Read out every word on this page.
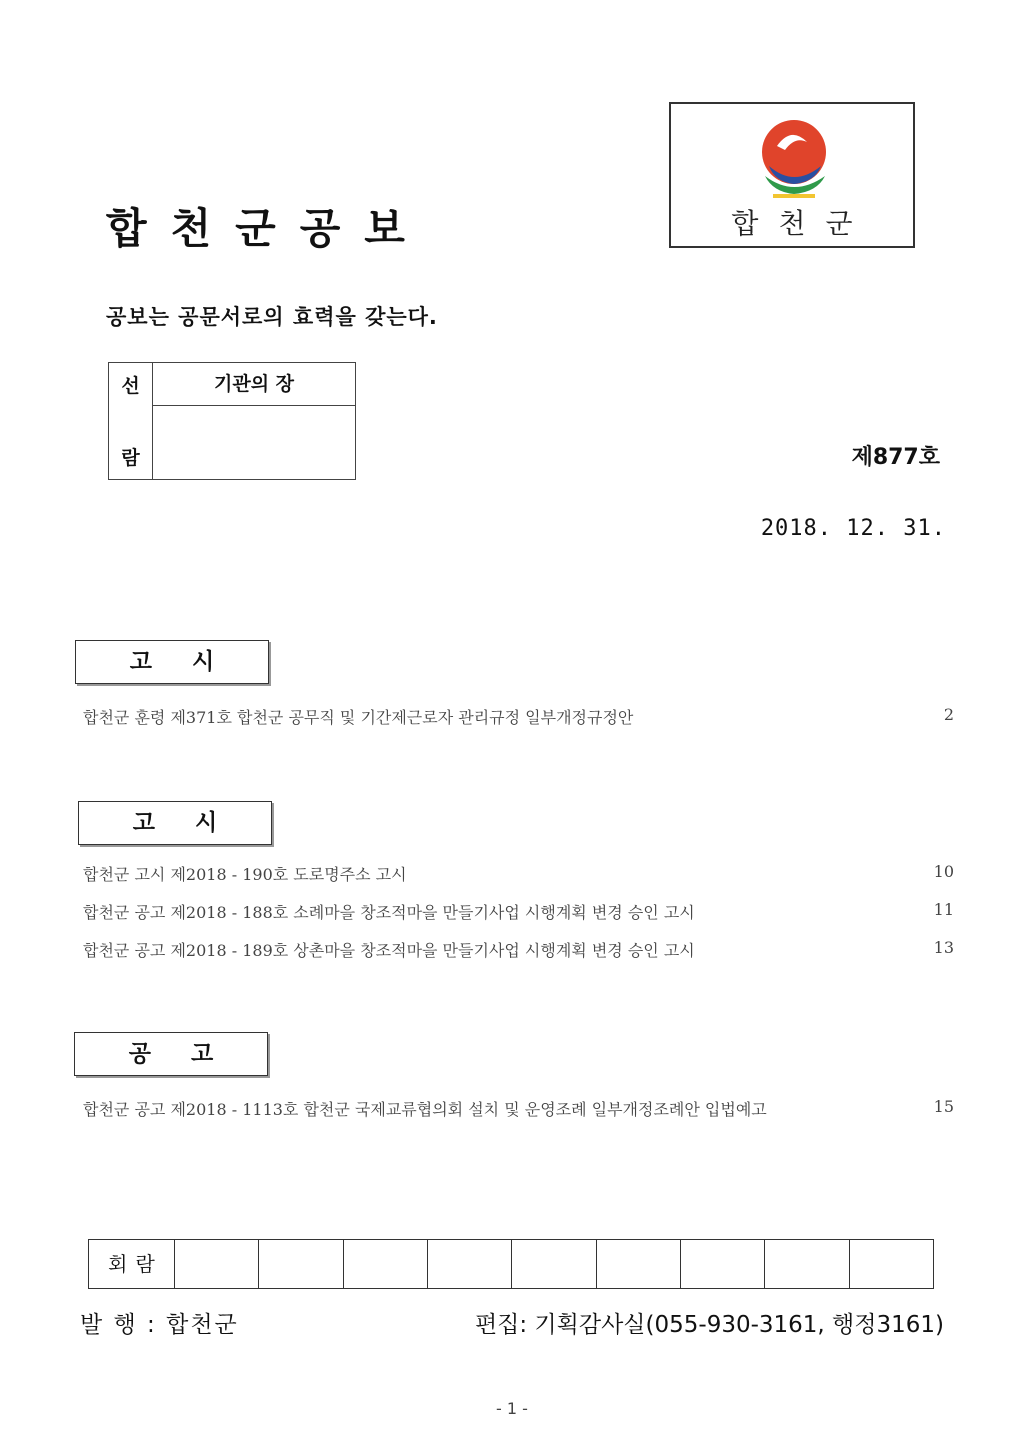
합천군공보	합천군
공보는 공문서로의 효력을 갖는다.
선
람
기관의 장
제877호
2018. 12. 31.
고시
합천군 훈령 제371호 합천군 공무직 및 기간제근로자 관리규정 일부개정규정안	2
고시
합천군 고시 제2018 - 190호 도로명주소 고시	10
합천군 공고 제2018 - 188호 소례마을 창조적마을 만들기사업 시행계획 변경 승인 고시	11
합천군 공고 제2018 - 189호 상촌마을 창조적마을 만들기사업 시행계획 변경 승인 고시	13
공고
합천군 공고 제2018 - 1113호 합천군 국제교류협의회 설치 및 운영조례 일부개정조례안 입법예고	15
회람
발 행 : 합천군	편집: 기획감사실(055-930-3161, 행정3161)
- 1 -
